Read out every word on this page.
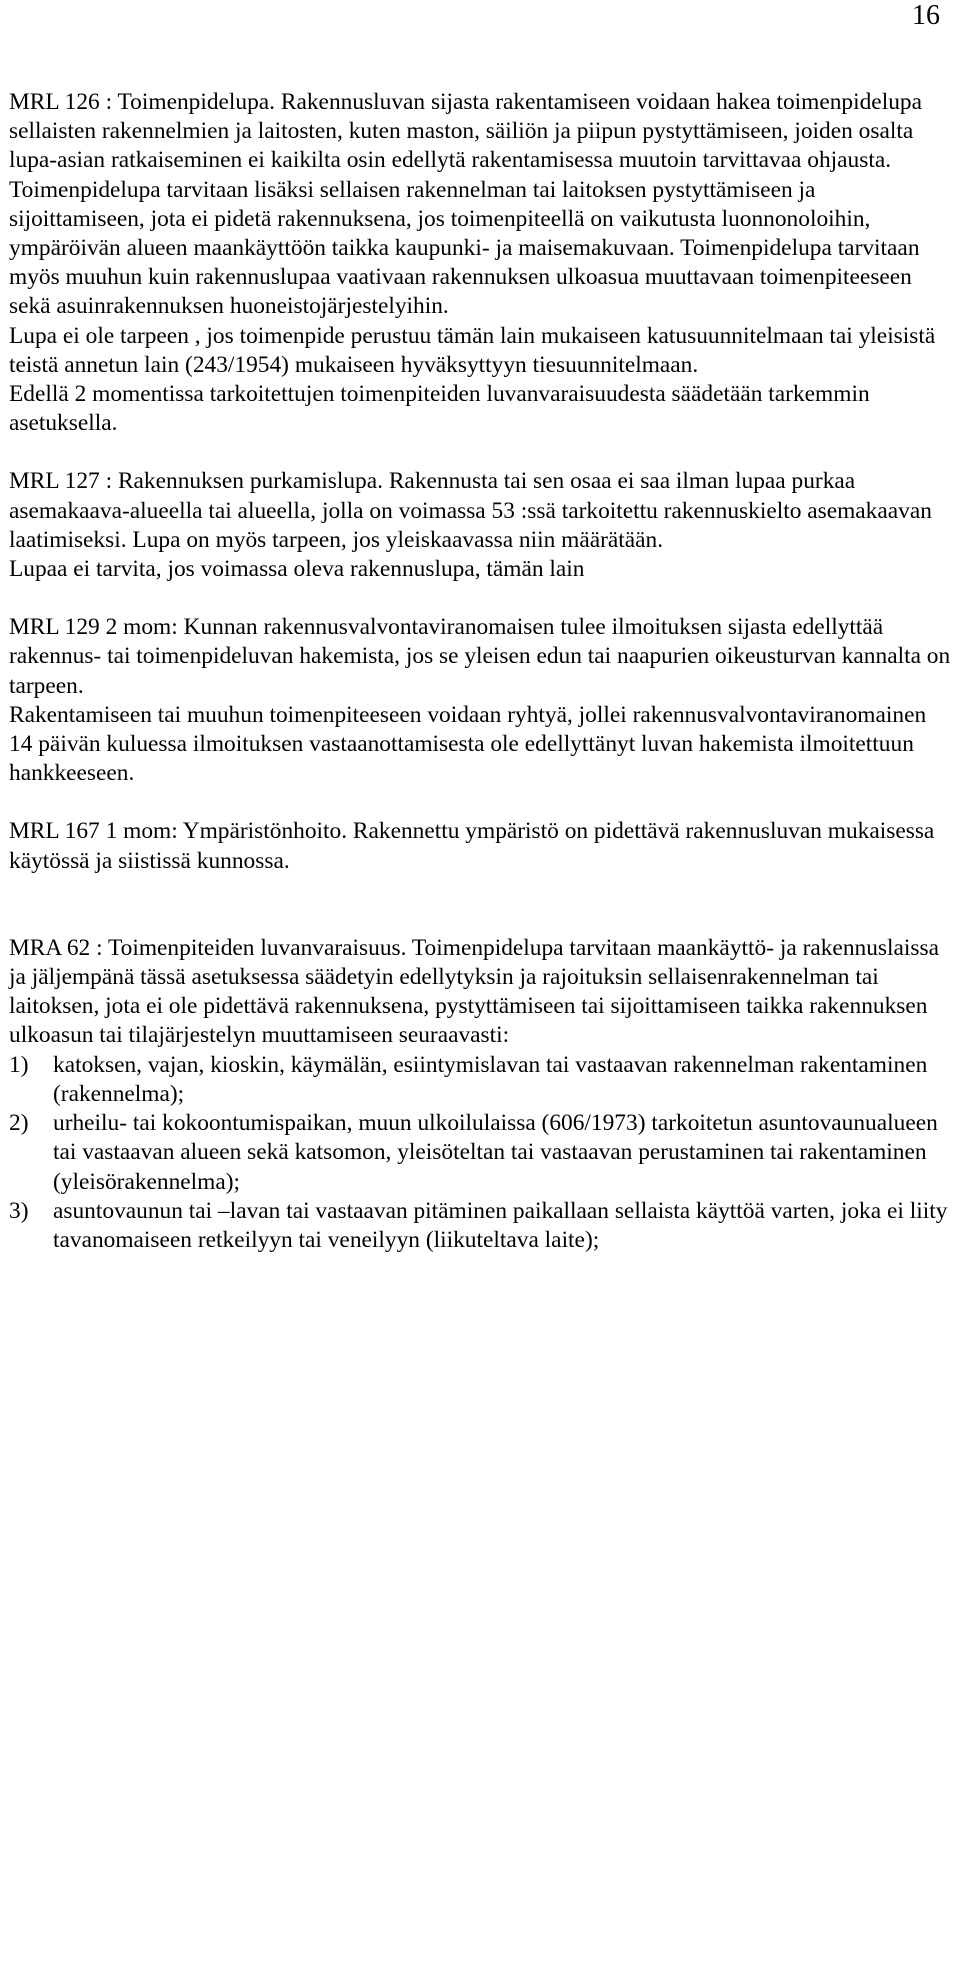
16

MRL 126 : Toimenpidelupa. Rakennusluvan sijasta rakentamiseen voidaan hakea toimenpidelupa sellaisten rakennelmien ja laitosten, kuten maston, säiliön ja piipun pystyttämiseen, joiden osalta lupa-asian ratkaiseminen ei kaikilta osin edellytä rakentamisessa muutoin tarvittavaa ohjausta.

Toimenpidelupa tarvitaan lisäksi sellaisen rakennelman tai laitoksen pystyttämiseen ja sijoittamiseen, jota ei pidetä rakennuksena, jos toimenpiteellä on vaikutusta luonnonoloihin, ympäröivän alueen maankäyttöön taikka kaupunki- ja maisemakuvaan. Toimenpidelupa tarvitaan myös muuhun kuin rakennuslupaa vaativaan rakennuksen ulkoasua muuttavaan toimenpiteeseen sekä asuinrakennuksen huoneistojärjestelyihin.

Lupa ei ole tarpeen , jos toimenpide perustuu tämän lain mukaiseen katusuunnitelmaan tai yleisistä teistä annetun lain (243/1954) mukaiseen hyväksyttyyn tiesuunnitelmaan.

Edellä 2 momentissa tarkoitettujen toimenpiteiden luvanvaraisuudesta säädetään tarkemmin asetuksella.

MRL 127 : Rakennuksen purkamislupa. Rakennusta tai sen osaa ei saa ilman lupaa purkaa asemakaava-alueella tai alueella, jolla on voimassa 53 :ssä tarkoitettu rakennuskielto asemakaavan laatimiseksi. Lupa on myös tarpeen, jos yleiskaavassa niin määrätään.

Lupaa ei tarvita, jos voimassa oleva rakennuslupa, tämän lain

MRL 129 2 mom: Kunnan rakennusvalvontaviranomaisen tulee ilmoituksen sijasta edellyttää rakennus- tai toimenpideluvan hakemista, jos se yleisen edun tai naapurien oikeusturvan kannalta on tarpeen.

Rakentamiseen tai muuhun toimenpiteeseen voidaan ryhtyä, jollei rakennusvalvontaviranomainen 14 päivän kuluessa ilmoituksen vastaanottamisesta ole edellyttänyt luvan hakemista ilmoitettuun hankkeeseen.

MRL 167 1 mom: Ympäristönhoito. Rakennettu ympäristö on pidettävä rakennusluvan mukaisessa käytössä ja siistissä kunnossa.

MRA 62 : Toimenpiteiden luvanvaraisuus. Toimenpidelupa tarvitaan maankäyttö- ja rakennuslaissa ja jäljempänä tässä asetuksessa säädetyin edellytyksin ja rajoituksin sellaisenrakennelman tai laitoksen, jota ei ole pidettävä rakennuksena, pystyttämiseen tai sijoittamiseen taikka rakennuksen ulkoasun tai tilajärjestelyn muuttamiseen seuraavasti:

1)	katoksen, vajan, kioskin, käymälän, esiintymislavan tai vastaavan rakennelman rakentaminen (rakennelma);
2)	urheilu- tai kokoontumispaikan, muun ulkoilulaissa (606/1973) tarkoitetun asuntovaunualueen tai vastaavan alueen sekä katsomon, yleisöteltan tai vastaavan perustaminen tai rakentaminen (yleisörakennelma);
3)	asuntovaunun tai –lavan tai vastaavan pitäminen paikallaan sellaista käyttöä varten, joka ei liity tavanomaiseen retkeilyyn tai veneilyyn (liikuteltava laite);
